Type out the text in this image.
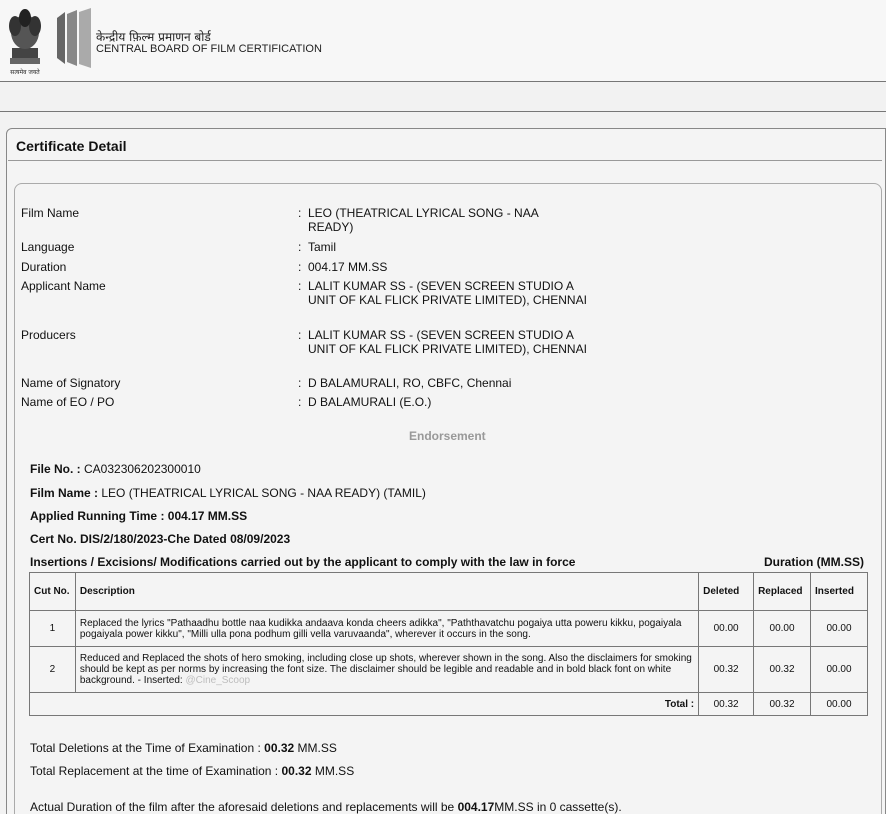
सत्यमेव जयते
केन्द्रीय फ़िल्म प्रमाणन बोर्ड
CENTRAL BOARD OF FILM CERTIFICATION
Certificate Detail
Film Name	: LEO (THEATRICAL LYRICAL SONG - NAA READY)
Language	: Tamil
Duration	: 004.17 MM.SS
Applicant Name	: LALIT KUMAR SS - (SEVEN SCREEN STUDIO A UNIT OF KAL FLICK PRIVATE LIMITED), CHENNAI
Producers	: LALIT KUMAR SS - (SEVEN SCREEN STUDIO A UNIT OF KAL FLICK PRIVATE LIMITED), CHENNAI
Name of Signatory	: D BALAMURALI, RO, CBFC, Chennai
Name of EO / PO	: D BALAMURALI (E.O.)
Endorsement
File No. : CA032306202300010
Film Name : LEO (THEATRICAL LYRICAL SONG - NAA READY) (TAMIL)
Applied Running Time : 004.17 MM.SS
Cert No. DIS/2/180/2023-Che Dated 08/09/2023
Insertions / Excisions/ Modifications carried out by the applicant to comply with the law in force	Duration (MM.SS)
Cut No.	Description	Deleted	Replaced	Inserted
1	Replaced the lyrics "Pathaadhu bottle naa kudikka andaava konda cheers adikka", "Paththavatchu pogaiya utta poweru kikku, pogaiyala pogaiyala power kikku", "Milli ulla pona podhum gilli vella varuvaanda", wherever it occurs in the song.	00.00	00.00	00.00
2	Reduced and Replaced the shots of hero smoking, including close up shots, wherever shown in the song. Also the disclaimers for smoking should be kept as per norms by increasing the font size. The disclaimer should be legible and readable and in bold black font on white background. - Inserted: @Cine_Scoop	00.32	00.32	00.00
Total :		00.32	00.32	00.00
Total Deletions at the Time of Examination : 00.32 MM.SS
Total Replacement at the time of Examination : 00.32 MM.SS
Actual Duration of the film after the aforesaid deletions and replacements will be 004.17MM.SS in 0 cassette(s).
